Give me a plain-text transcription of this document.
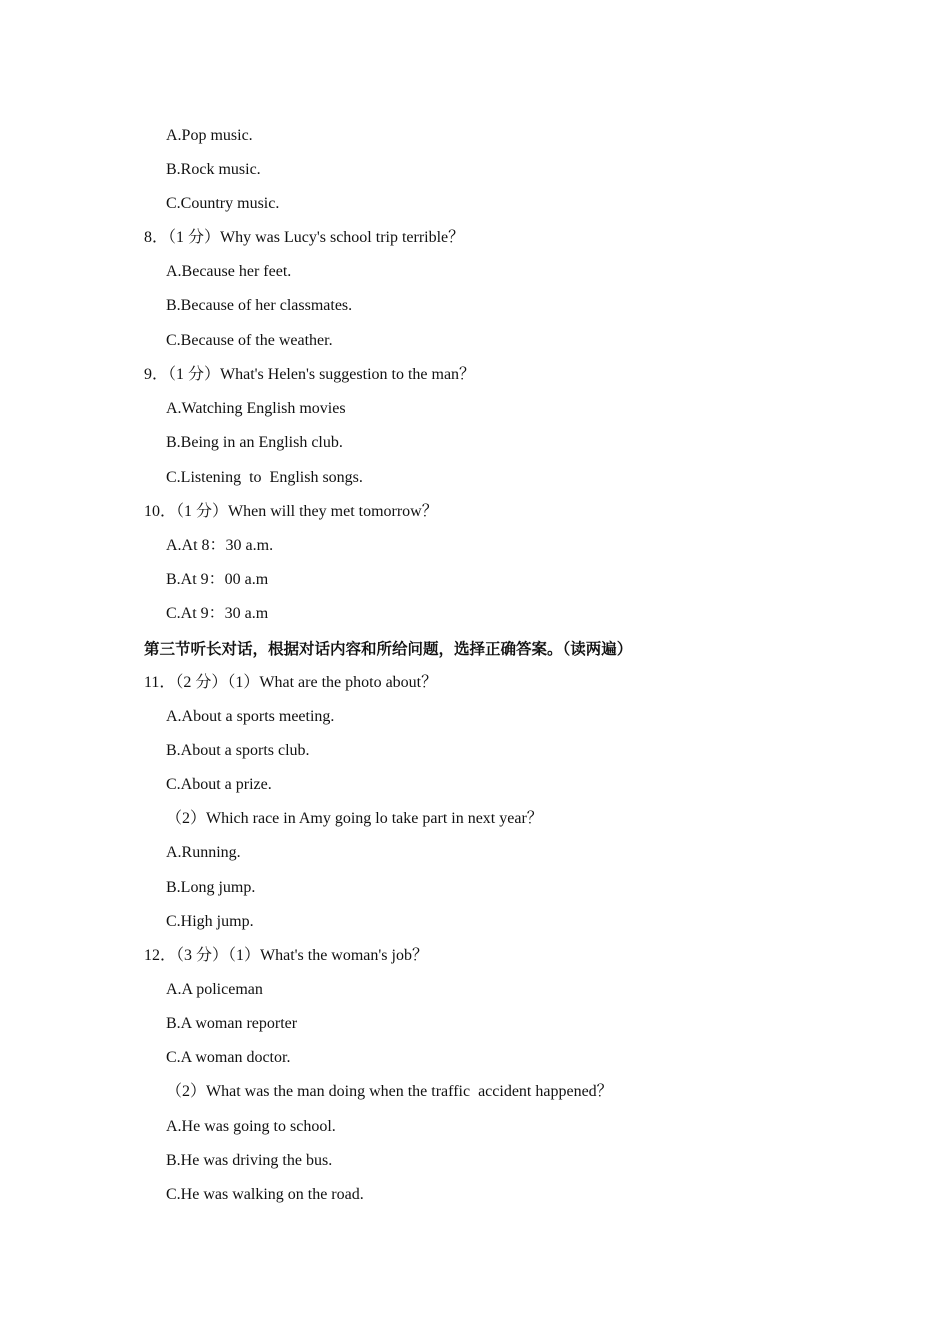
A.Pop music.
B.Rock music.
C.Country music.
8．（1 分）Why was Lucy's school trip terrible？
A.Because her feet.
B.Because of her classmates.
C.Because of the weather.
9．（1 分）What's Helen's suggestion to the man？
A.Watching English movies
B.Being in an English club.
C.Listening  to  English songs.
10．（1 分）When will they met tomorrow？
A.At 8：30 a.m.
B.At 9：00 a.m
C.At 9：30 a.m
第三节听长对话，根据对话内容和所给问题，选择正确答案。（读两遍）
11．（2 分）（1）What are the photo about？
A.About a sports meeting.
B.About a sports club.
C.About a prize.
（2）Which race in Amy going lo take part in next year？
A.Running.
B.Long jump.
C.High jump.
12．（3 分）（1）What's the woman's job？
A.A policeman
B.A woman reporter
C.A woman doctor.
（2）What was the man doing when the traffic  accident happened？
A.He was going to school.
B.He was driving the bus.
C.He was walking on the road.
